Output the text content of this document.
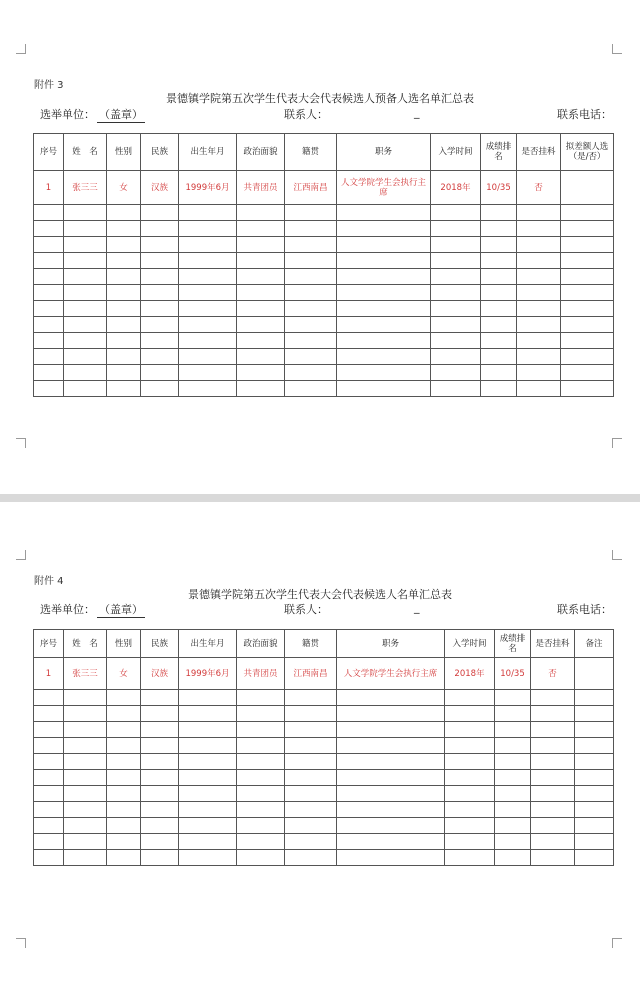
附件 3
景德镇学院第五次学生代表大会代表候选人预备人选名单汇总表
选举单位： （盖章）	联系人：	_	联系电话：
序号	姓　名	性别	民族	出生年月	政治面貌	籍贯	职务	入学时间	成绩排名	是否挂科	拟差额人选（是/否）
1	张三三	女	汉族	1999年6月	共青团员	江西南昌	人文学院学生会执行主席	2018年	10/35	否	

附件 4
景德镇学院第五次学生代表大会代表候选人名单汇总表
选举单位： （盖章）	联系人：	_	联系电话：
序号	姓　名	性别	民族	出生年月	政治面貌	籍贯	职务	入学时间	成绩排名	是否挂科	备注
1	张三三	女	汉族	1999年6月	共青团员	江西南昌	人文学院学生会执行主席	2018年	10/35	否	
